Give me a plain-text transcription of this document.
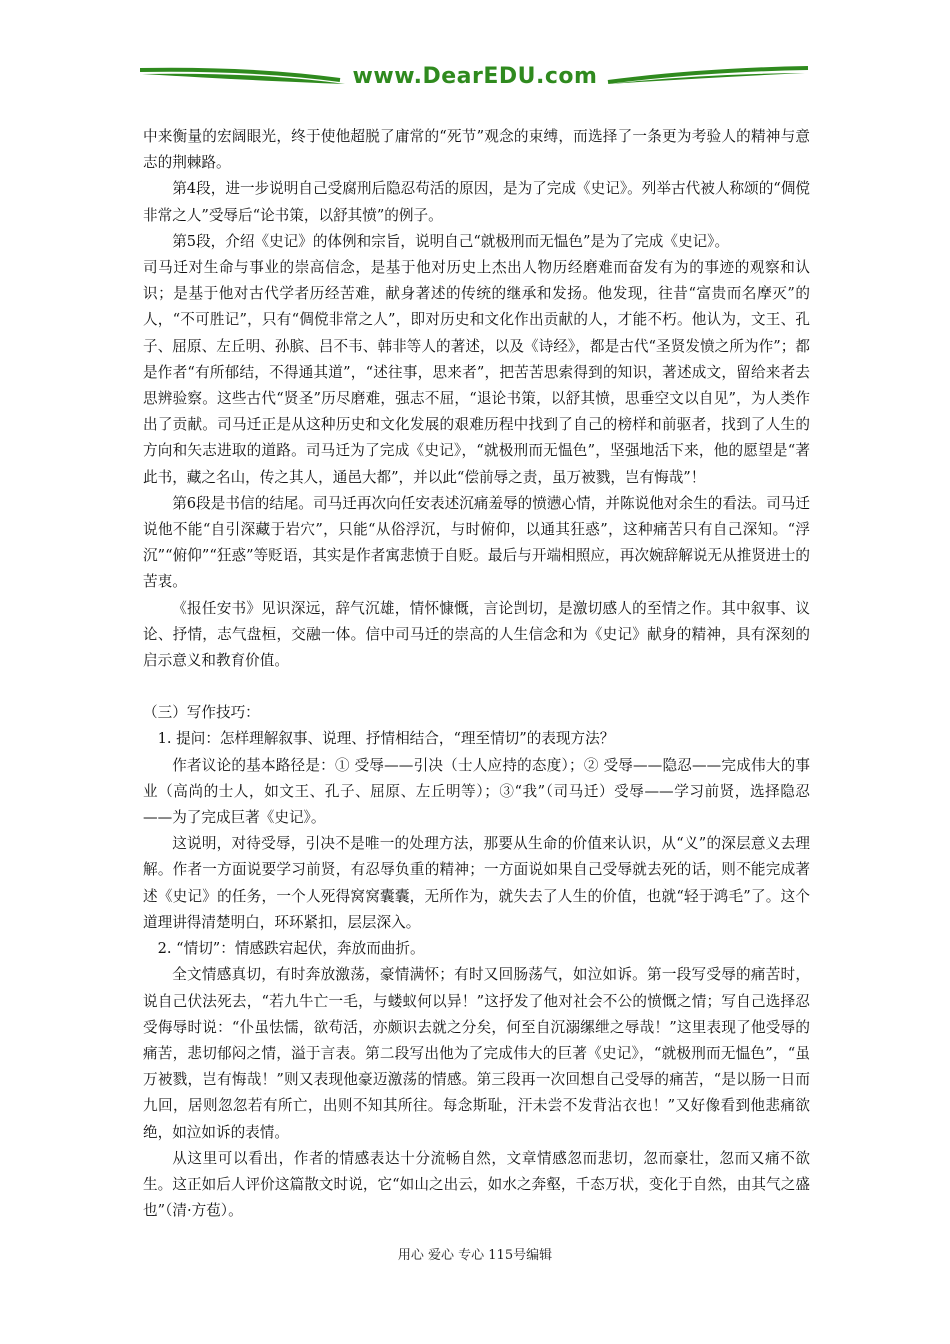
www.DearEDU.com

中来衡量的宏阔眼光，终于使他超脱了庸常的“死节”观念的束缚，而选择了一条更为考验人的精神与意志的荆棘路。

第4段，进一步说明自己受腐刑后隐忍苟活的原因，是为了完成《史记》。列举古代被人称颂的“倜傥非常之人”受辱后“论书策，以舒其愤”的例子。

第5段，介绍《史记》的体例和宗旨，说明自己“就极刑而无愠色”是为了完成《史记》。

司马迁对生命与事业的崇高信念，是基于他对历史上杰出人物历经磨难而奋发有为的事迹的观察和认识；是基于他对古代学者历经苦难，献身著述的传统的继承和发扬。他发现，往昔“富贵而名摩灭”的人，“不可胜记”，只有“倜傥非常之人”，即对历史和文化作出贡献的人，才能不朽。他认为，文王、孔子、屈原、左丘明、孙膑、吕不韦、韩非等人的著述，以及《诗经》，都是古代“圣贤发愤之所为作”；都是作者“有所郁结，不得通其道”，“述往事，思来者”，把苦苦思索得到的知识，著述成文，留给来者去思辨验察。这些古代“贤圣”历尽磨难，强志不屈，“退论书策，以舒其愤，思垂空文以自见”，为人类作出了贡献。司马迁正是从这种历史和文化发展的艰难历程中找到了自己的榜样和前驱者，找到了人生的方向和矢志进取的道路。司马迁为了完成《史记》，“就极刑而无愠色”，坚强地活下来，他的愿望是“著此书，藏之名山，传之其人，通邑大都”，并以此“偿前辱之责，虽万被戮，岂有悔哉”！

第6段是书信的结尾。司马迁再次向任安表述沉痛羞辱的愤懑心情，并陈说他对余生的看法。司马迁说他不能“自引深藏于岩穴”，只能“从俗浮沉，与时俯仰，以通其狂惑”，这种痛苦只有自己深知。“浮沉”“俯仰”“狂惑”等贬语，其实是作者寓悲愤于自贬。最后与开端相照应，再次婉辞解说无从推贤进士的苦衷。

《报任安书》见识深远，辞气沉雄，情怀慷慨，言论剀切，是激切感人的至情之作。其中叙事、议论、抒情，志气盘桓，交融一体。信中司马迁的崇高的人生信念和为《史记》献身的精神，具有深刻的启示意义和教育价值。

（三）写作技巧：

1. 提问：怎样理解叙事、说理、抒情相结合，“理至情切”的表现方法？

作者议论的基本路径是：① 受辱——引决（士人应持的态度）；② 受辱——隐忍——完成伟大的事业（高尚的士人，如文王、孔子、屈原、左丘明等）；③“我”（司马迁）受辱——学习前贤，选择隐忍——为了完成巨著《史记》。

这说明，对待受辱，引决不是唯一的处理方法，那要从生命的价值来认识，从“义”的深层意义去理解。作者一方面说要学习前贤，有忍辱负重的精神；一方面说如果自己受辱就去死的话，则不能完成著述《史记》的任务，一个人死得窝窝囊囊，无所作为，就失去了人生的价值，也就“轻于鸿毛”了。这个道理讲得清楚明白，环环紧扣，层层深入。

2. “情切”：情感跌宕起伏，奔放而曲折。

全文情感真切，有时奔放激荡，豪情满怀；有时又回肠荡气，如泣如诉。第一段写受辱的痛苦时，说自己伏法死去，“若九牛亡一毛，与蝼蚁何以异！”这抒发了他对社会不公的愤慨之情；写自己选择忍受侮辱时说：“仆虽怯懦，欲苟活，亦颇识去就之分矣，何至自沉溺缧绁之辱哉！”这里表现了他受辱的痛苦，悲切郁闷之情，溢于言表。第二段写出他为了完成伟大的巨著《史记》，“就极刑而无愠色”，“虽万被戮，岂有悔哉！”则又表现他豪迈激荡的情感。第三段再一次回想自己受辱的痛苦，“是以肠一日而九回，居则忽忽若有所亡，出则不知其所往。每念斯耻，汗未尝不发背沾衣也！”又好像看到他悲痛欲绝，如泣如诉的表情。

从这里可以看出，作者的情感表达十分流畅自然，文章情感忽而悲切，忽而豪壮，忽而又痛不欲生。这正如后人评价这篇散文时说，它“如山之出云，如水之奔壑，千态万状，变化于自然，由其气之盛也”（清·方苞）。

用心 爱心 专心 115号编辑
